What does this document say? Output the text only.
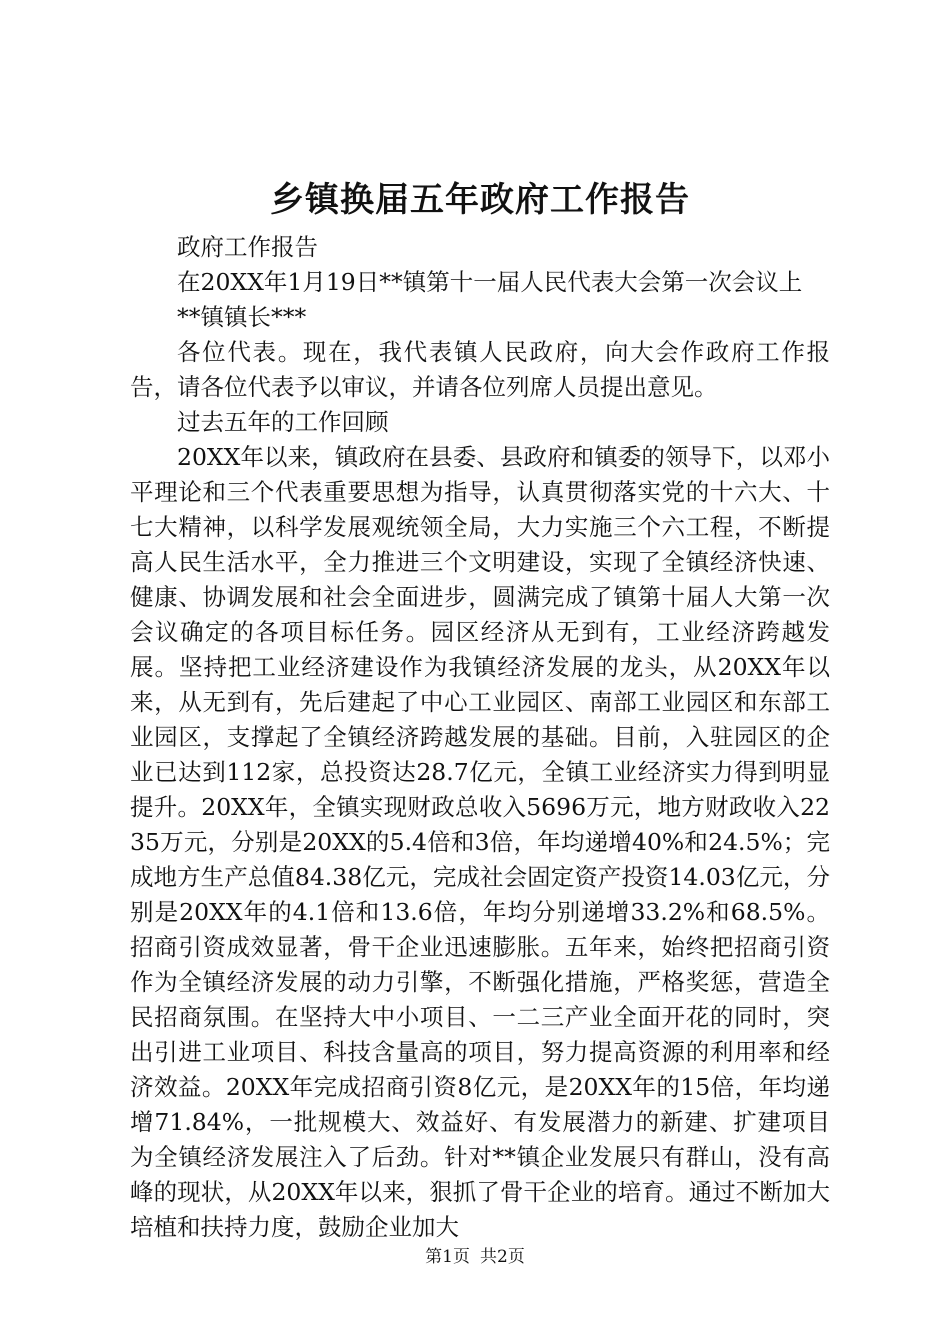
乡镇换届五年政府工作报告

政府工作报告

在20XX年1月19日**镇第十一届人民代表大会第一次会议上

**镇镇长***

各位代表。现在，我代表镇人民政府，向大会作政府工作报告，请各位代表予以审议，并请各位列席人员提出意见。

过去五年的工作回顾

20XX年以来，镇政府在县委、县政府和镇委的领导下，以邓小平理论和三个代表重要思想为指导，认真贯彻落实党的十六大、十七大精神，以科学发展观统领全局，大力实施三个六工程，不断提高人民生活水平，全力推进三个文明建设，实现了全镇经济快速、健康、协调发展和社会全面进步，圆满完成了镇第十届人大第一次会议确定的各项目标任务。园区经济从无到有，工业经济跨越发展。坚持把工业经济建设作为我镇经济发展的龙头，从20XX年以来，从无到有，先后建起了中心工业园区、南部工业园区和东部工业园区，支撑起了全镇经济跨越发展的基础。目前，入驻园区的企业已达到112家，总投资达28.7亿元，全镇工业经济实力得到明显提升。20XX年，全镇实现财政总收入5696万元，地方财政收入2235万元，分别是20XX的5.4倍和3倍，年均递增40%和24.5%；完成地方生产总值84.38亿元，完成社会固定资产投资14.03亿元，分别是20XX年的4.1倍和13.6倍，年均分别递增33.2%和68.5%。招商引资成效显著，骨干企业迅速膨胀。五年来，始终把招商引资作为全镇经济发展的动力引擎，不断强化措施，严格奖惩，营造全民招商氛围。在坚持大中小项目、一二三产业全面开花的同时，突出引进工业项目、科技含量高的项目，努力提高资源的利用率和经济效益。20XX年完成招商引资8亿元，是20XX年的15倍，年均递增71.84%，一批规模大、效益好、有发展潜力的新建、扩建项目为全镇经济发展注入了后劲。针对**镇企业发展只有群山，没有高峰的现状，从20XX年以来，狠抓了骨干企业的培育。通过不断加大培植和扶持力度，鼓励企业加大

第1页 共2页
